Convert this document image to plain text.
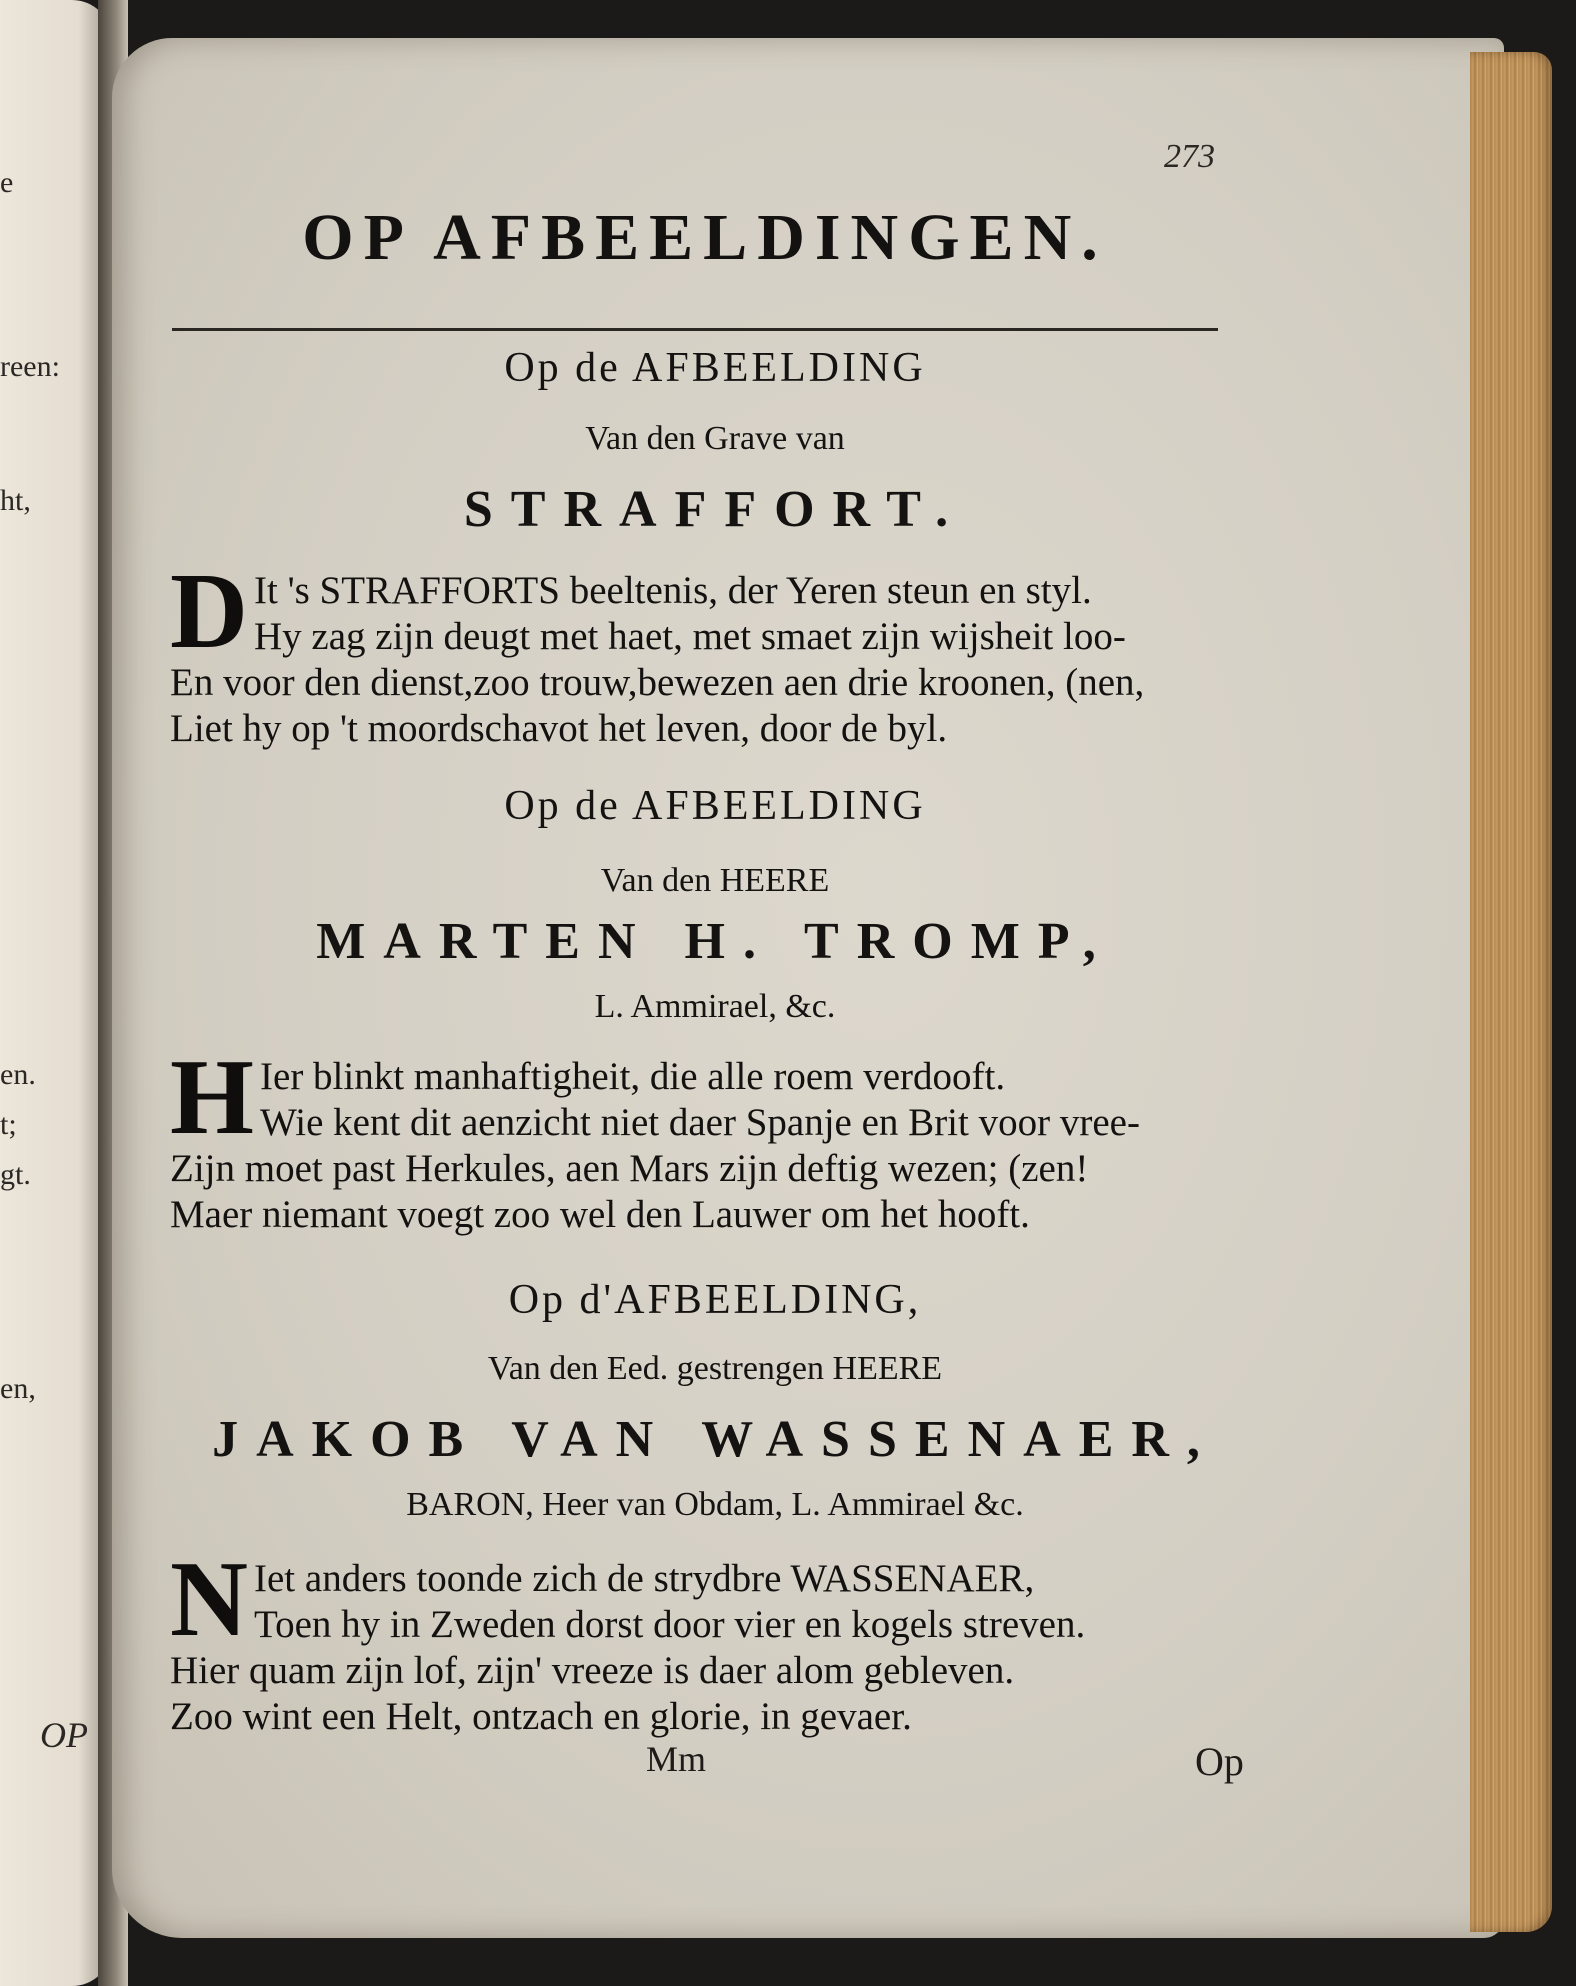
e
reen:
ht,
en.
t;
gt.
en,
OP
273
OP AFBEELDINGEN.
Op de AFBEELDING
Van den Grave van
STRAFFORT.
D It 's STRAFFORTS beeltenis, der Yeren steun en styl.
Hy zag zijn deugt met haet, met smaet zijn wijsheit loo-
En voor den dienst,zoo trouw,bewezen aen drie kroonen, (nen,
Liet hy op 't moordschavot het leven, door de byl.
Op de AFBEELDING
Van den HEERE
MARTEN H. TROMP,
L. Ammirael, &c.
H Ier blinkt manhaftigheit, die alle roem verdooft.
Wie kent dit aenzicht niet daer Spanje en Brit voor vree-
Zijn moet past Herkules, aen Mars zijn deftig wezen; (zen!
Maer niemant voegt zoo wel den Lauwer om het hooft.
Op d'AFBEELDING,
Van den Eed. gestrengen HEERE
JAKOB VAN WASSENAER,
BARON, Heer van Obdam, L. Ammirael &c.
N Iet anders toonde zich de strydbre WASSENAER,
Toen hy in Zweden dorst door vier en kogels streven.
Hier quam zijn lof, zijn' vreeze is daer alom gebleven.
Zoo wint een Helt, ontzach en glorie, in gevaer.
Mm	Op
